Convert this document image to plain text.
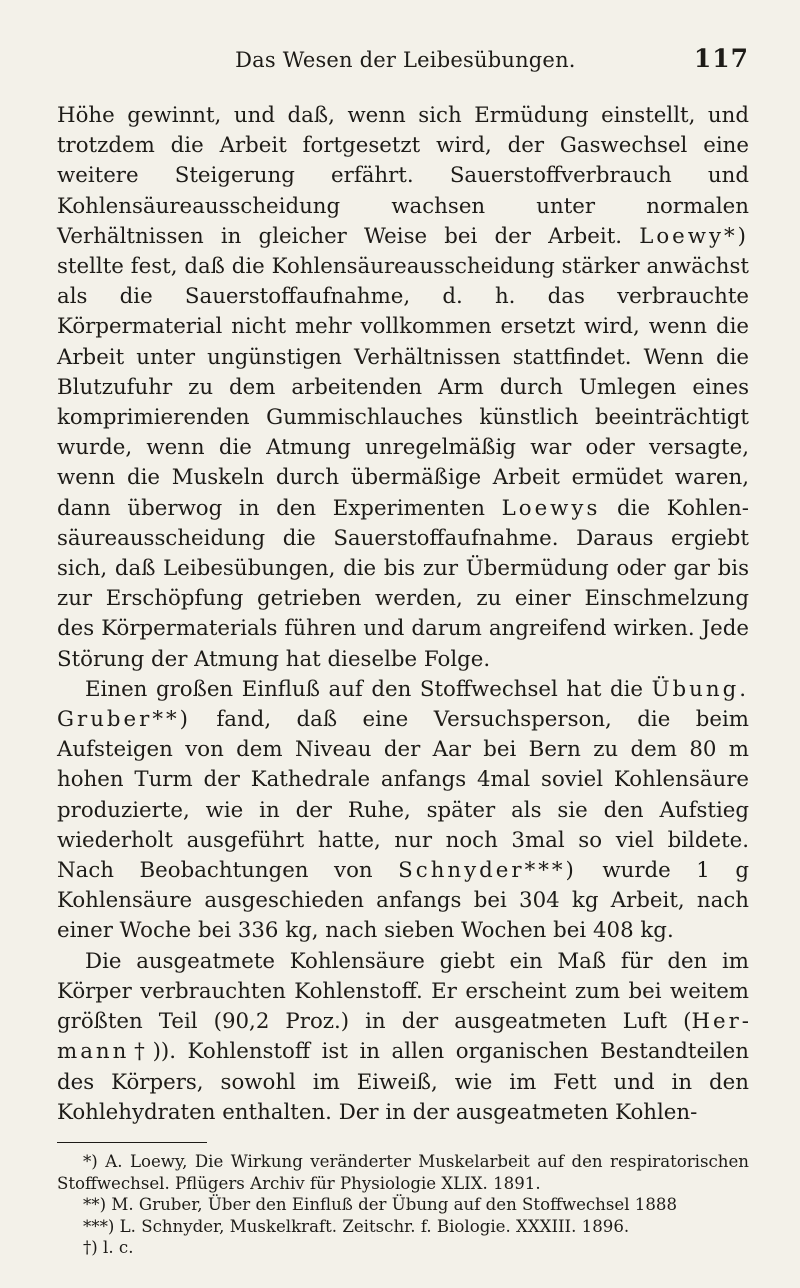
Das Wesen der Leibesübungen.	117

Höhe gewinnt, und daß, wenn sich Ermüdung einstellt, und trotzdem die Arbeit fortgesetzt wird, der Gaswechsel eine weitere Steigerung erfährt. Sauerstoffverbrauch und Kohlensäureausscheidung wachsen unter normalen Verhältnissen in gleicher Weise bei der Arbeit. Loewy*) stellte fest, daß die Kohlensäureausscheidung stärker anwächst als die Sauerstoffaufnahme, d. h. das verbrauchte Körpermaterial nicht mehr vollkommen ersetzt wird, wenn die Arbeit unter ungünstigen Verhältnissen stattfindet. Wenn die Blutzufuhr zu dem arbeitenden Arm durch Umlegen eines komprimierenden Gummischlauches künstlich beeinträchtigt wurde, wenn die Atmung unregelmäßig war oder versagte, wenn die Muskeln durch übermäßige Arbeit ermüdet waren, dann überwog in den Experimenten Loewys die Kohlensäureausscheidung die Sauerstoffaufnahme. Daraus ergiebt sich, daß Leibesübungen, die bis zur Übermüdung oder gar bis zur Erschöpfung getrieben werden, zu einer Einschmelzung des Körpermaterials führen und darum angreifend wirken. Jede Störung der Atmung hat dieselbe Folge.

Einen großen Einfluß auf den Stoffwechsel hat die Übung. Gruber**) fand, daß eine Versuchsperson, die beim Aufsteigen von dem Niveau der Aar bei Bern zu dem 80 m hohen Turm der Kathedrale anfangs 4mal soviel Kohlensäure produzierte, wie in der Ruhe, später als sie den Aufstieg wiederholt ausgeführt hatte, nur noch 3mal so viel bildete. Nach Beobachtungen von Schnyder***) wurde 1 g Kohlensäure ausgeschieden anfangs bei 304 kg Arbeit, nach einer Woche bei 336 kg, nach sieben Wochen bei 408 kg.

Die ausgeatmete Kohlensäure giebt ein Maß für den im Körper verbrauchten Kohlenstoff. Er erscheint zum bei weitem größten Teil (90,2 Proz.) in der ausgeatmeten Luft (Hermann†)). Kohlenstoff ist in allen organischen Bestandteilen des Körpers, sowohl im Eiweiß, wie im Fett und in den Kohlehydraten enthalten. Der in der ausgeatmeten Kohlen-

*) A. Loewy, Die Wirkung veränderter Muskelarbeit auf den respiratorischen Stoffwechsel. Pflügers Archiv für Physiologie XLIX. 1891.

**) M. Gruber, Über den Einfluß der Übung auf den Stoffwechsel 1888

***) L. Schnyder, Muskelkraft. Zeitschr. f. Biologie. XXXIII. 1896.

†) l. c.
